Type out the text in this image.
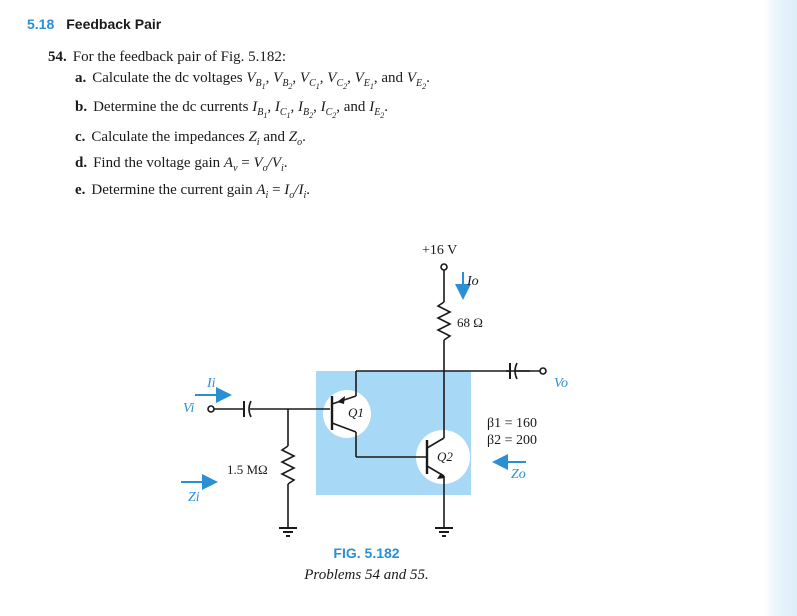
5.18 Feedback Pair
54. For the feedback pair of Fig. 5.182:
a. Calculate the dc voltages $V_{B_1}$, $V_{B_2}$, $V_{C_1}$, $V_{C_2}$, $V_{E_1}$, and $V_{E_2}$.
b. Determine the dc currents $I_{B_1}$, $I_{C_1}$, $I_{B_2}$, $I_{C_2}$, and $I_{E_2}$.
c. Calculate the impedances $Z_i$ and $Z_o$.
d. Find the voltage gain $A_v = V_o/V_i$.
e. Determine the current gain $A_i = I_o/I_i$.
+16 V
Io
68 Ω
1.5 MΩ
Vi
Vo
Ii
Zi
Zo
Q1
Q2
β1 = 160
β2 = 200
FIG. 5.182
Problems 54 and 55.
